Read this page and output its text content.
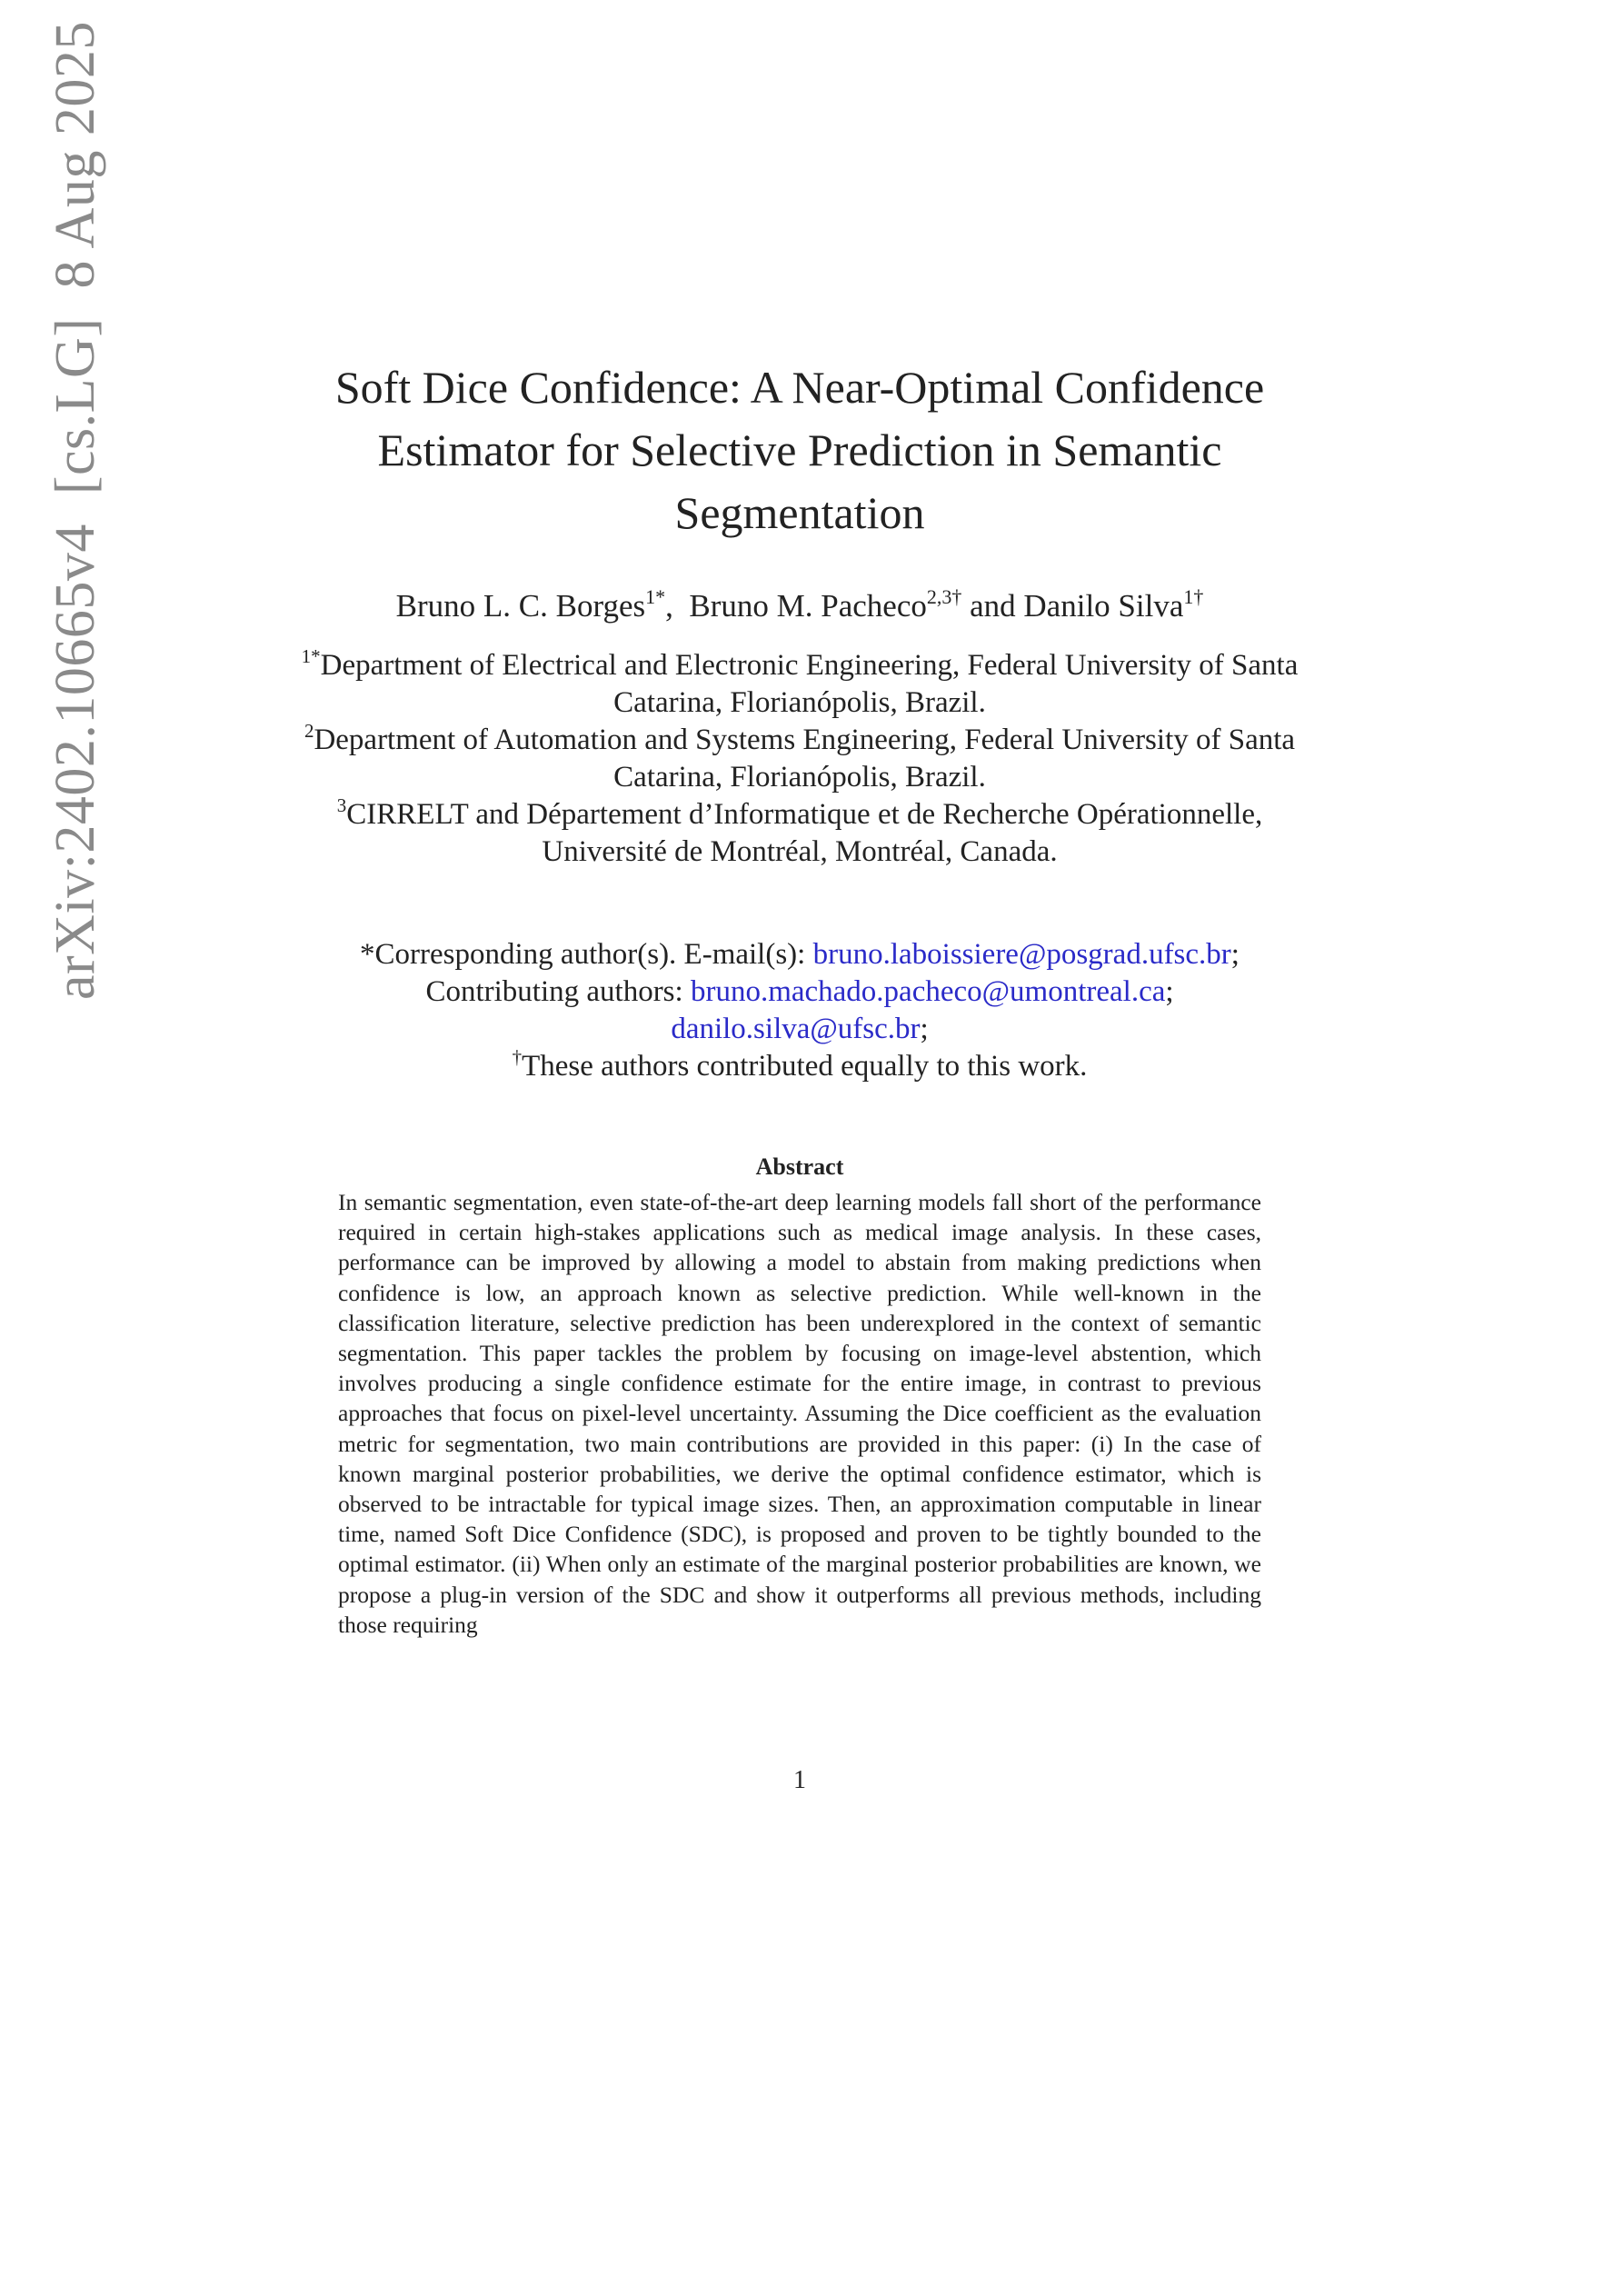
arXiv:2402.10665v4  [cs.LG]  8 Aug 2025	Soft Dice Confidence: A Near-Optimal Confidence Estimator for Selective Prediction in Semantic Segmentation
Bruno L. C. Borges$^{1*}$,  Bruno M. Pacheco$^{2,3\dagger}$ and Danilo Silva$^{1\dagger}$
$^{1*}$Department of Electrical and Electronic Engineering, Federal University of Santa Catarina, Florianópolis, Brazil.
$^2$Department of Automation and Systems Engineering, Federal University of Santa Catarina, Florianópolis, Brazil.
$^3$CIRRELT and Département d’Informatique et de Recherche Opérationnelle, Université de Montréal, Montréal, Canada.
*Corresponding author(s). E-mail(s): bruno.laboissiere@posgrad.ufsc.br;
Contributing authors: bruno.machado.pacheco@umontreal.ca;
danilo.silva@ufsc.br;
†These authors contributed equally to this work.
Abstract

In semantic segmentation, even state-of-the-art deep learning models fall short of the performance required in certain high-stakes applications such as medical image analysis. In these cases, performance can be improved by allowing a model to abstain from making predictions when confidence is low, an approach known as selective prediction. While well-known in the classification literature, selective prediction has been underexplored in the context of semantic segmentation. This paper tackles the problem by focusing on image-level abstention, which involves producing a single confidence estimate for the entire image, in contrast to previous approaches that focus on pixel-level uncertainty. Assuming the Dice coefficient as the evaluation metric for segmentation, two main contributions are provided in this paper: (i) In the case of known marginal posterior probabilities, we derive the optimal confidence estimator, which is observed to be intractable for typical image sizes. Then, an approximation computable in linear time, named Soft Dice Confidence (SDC), is proposed and proven to be tightly bounded to the optimal estimator. (ii) When only an estimate of the marginal posterior probabilities are known, we propose a plug-in version of the SDC and show it outperforms all previous methods, including those requiring

1
